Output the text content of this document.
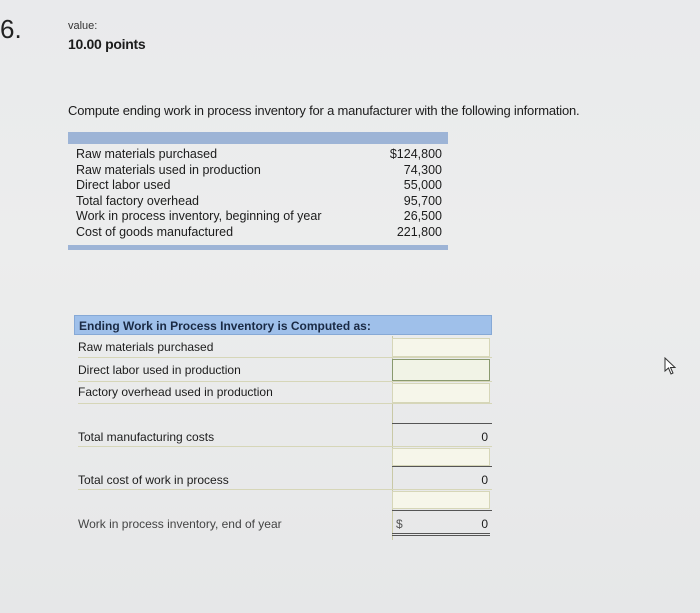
6.	value:
10.00 points
Compute ending work in process inventory for a manufacturer with the following information.
Raw materials purchased	$124,800
Raw materials used in production	74,300
Direct labor used	55,000
Total factory overhead	95,700
Work in process inventory, beginning of year	26,500
Cost of goods manufactured	221,800
Ending Work in Process Inventory is Computed as:
Raw materials purchased
Direct labor used in production
Factory overhead used in production
Total manufacturing costs	0
Total cost of work in process	0
Work in process inventory, end of year	$	0
